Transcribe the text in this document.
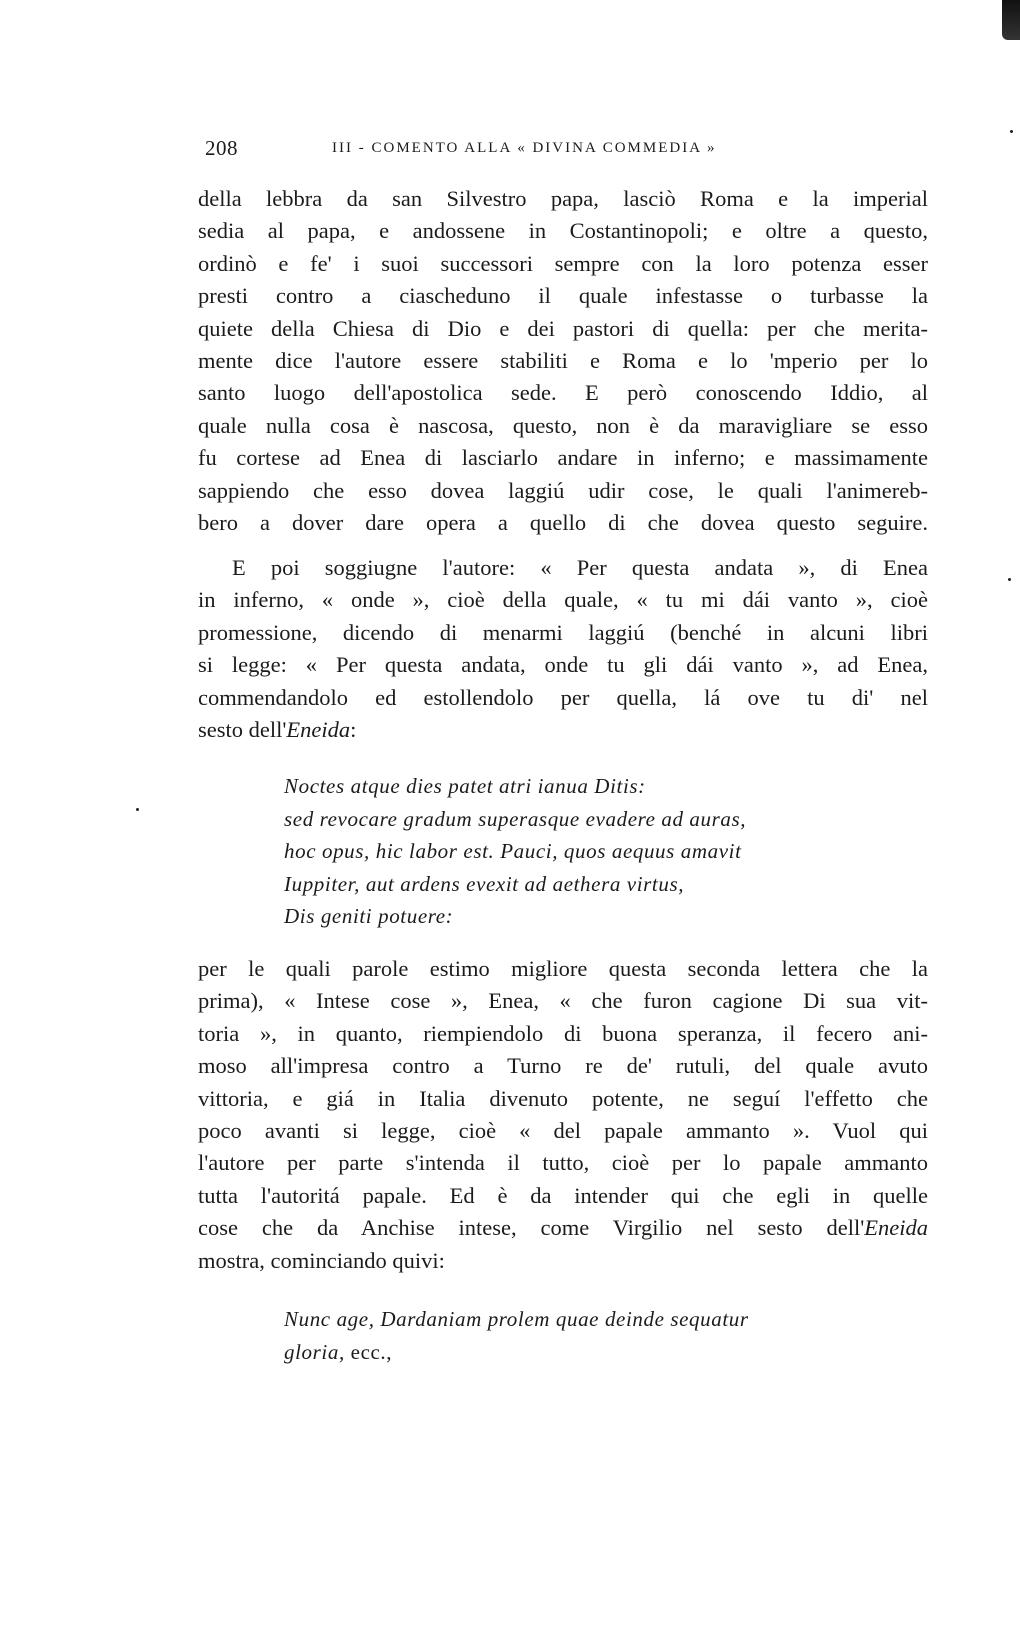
208	III - COMENTO ALLA « DIVINA COMMEDIA »
della lebbra da san Silvestro papa, lasciò Roma e la imperial
sedia al papa, e andossene in Costantinopoli; e oltre a questo,
ordinò e fe' i suoi successori sempre con la loro potenza esser
presti contro a ciascheduno il quale infestasse o turbasse la
quiete della Chiesa di Dio e dei pastori di quella: per che merita-
mente dice l'autore essere stabiliti e Roma e lo 'mperio per lo
santo luogo dell'apostolica sede. E però conoscendo Iddio, al
quale nulla cosa è nascosa, questo, non è da maravigliare se esso
fu cortese ad Enea di lasciarlo andare in inferno; e massimamente
sappiendo che esso dovea laggiú udir cose, le quali l'animereb-
bero a dover dare opera a quello di che dovea questo seguire.
E poi soggiugne l'autore: « Per questa andata », di Enea
in inferno, « onde », cioè della quale, « tu mi dái vanto », cioè
promessione, dicendo di menarmi laggiú (benché in alcuni libri
si legge: « Per questa andata, onde tu gli dái vanto », ad Enea,
commendandolo ed estollendolo per quella, lá ove tu di' nel
sesto dell'Eneida:
Noctes atque dies patet atri ianua Ditis:
sed revocare gradum superasque evadere ad auras,
hoc opus, hic labor est. Pauci, quos aequus amavit
Iuppiter, aut ardens evexit ad aethera virtus,
Dis geniti potuere:
per le quali parole estimo migliore questa seconda lettera che la
prima), « Intese cose », Enea, « che furon cagione Di sua vit-
toria », in quanto, riempiendolo di buona speranza, il fecero ani-
moso all'impresa contro a Turno re de' rutuli, del quale avuto
vittoria, e giá in Italia divenuto potente, ne seguí l'effetto che
poco avanti si legge, cioè « del papale ammanto ». Vuol qui
l'autore per parte s'intenda il tutto, cioè per lo papale ammanto
tutta l'autoritá papale. Ed è da intender qui che egli in quelle
cose che da Anchise intese, come Virgilio nel sesto dell'Eneida
mostra, cominciando quivi:
Nunc age, Dardaniam prolem quae deinde sequatur
gloria, ecc.,
